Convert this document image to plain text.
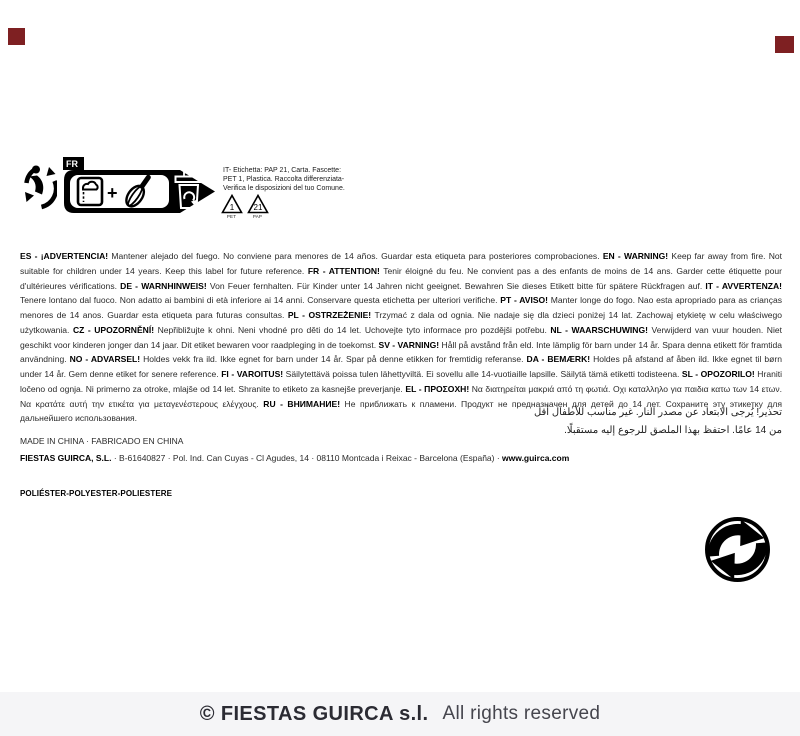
FR
+
IT- Etichetta: PAP 21, Carta. Fascette:
PET 1, Plastica. Raccolta differenziata-
Verifica le disposizioni del tuo Comune.
1
PET
21
PAP
ES - ¡ADVERTENCIA! Mantener alejado del fuego. No conviene para menores de 14 años. Guardar esta etiqueta para posteriores comprobaciones. EN - WARNING! Keep far away from fire. Not suitable for children under 14 years. Keep this label for future reference. FR - ATTENTION! Tenir éloigné du feu. Ne convient pas a des enfants de moins de 14 ans. Garder cette étiquette pour d'ultérieures vérifications. DE - WARNHINWEIS! Von Feuer fernhalten. Für Kinder unter 14 Jahren nicht geeignet. Bewahren Sie dieses Etikett bitte für spätere Rückfragen auf. IT - AVVERTENZA! Tenere lontano dal fuoco. Non adatto ai bambini di età inferiore ai 14 anni. Conservare questa etichetta per ulteriori verifiche. PT - AVISO! Manter longe do fogo. Nao esta apropriado para as crianças menores de 14 anos. Guardar esta etiqueta para futuras consultas. PL - OSTRZEŻENIE! Trzymać z dala od ognia. Nie nadaje się dla dzieci poniżej 14 lat. Zachowaj etykietę w celu właściwego użytkowania. CZ - UPOZORNĚNÍ! Nepřibližujte k ohni. Neni vhodné pro děti do 14 let. Uchovejte tyto informace pro pozdějši potřebu. NL - WAARSCHUWING! Verwijderd van vuur houden. Niet geschikt voor kinderen jonger dan 14 jaar. Dit etiket bewaren voor raadpleging in de toekomst. SV - VARNING! Håll på avstånd från eld. Inte lämplig för barn under 14 år. Spara denna etikett för framtida användning. NO - ADVARSEL! Holdes vekk fra ild. Ikke egnet for barn under 14 år. Spar på denne etikken for fremtidig referanse. DA - BEMÆRK! Holdes på afstand af åben ild. Ikke egnet til børn under 14 år. Gem denne etiket for senere reference. FI - VAROITUS! Säilytettävä poissa tulen lähettyviltä. Ei sovellu alle 14-vuotiaille lapsille. Säilytä tämä etiketti todisteena. SL - OPOZORILO! Hraniti ločeno od ognja. Ni primerno za otroke, mlajše od 14 let. Shranite to etiketo za kasnejše preverjanje. EL - ΠΡΟΣΟΧΗ! Να διατηρείται μακριά από τη φωτιά. Οχι καταλληλο για παιδια κατω των 14 ετων. Να κρατάτε αυτή την ετικέτα για μεταγενέστερους ελέγχους. RU - ВНИМАНИЕ! Не приближать к пламени. Продукт не предназначен для детей до 14 лет. Сохраните эту этикетку для дальнейшего использования.
تحذير! يُرجى الابتعاد عن مصدر النار. غير مناسب للأطفال أقل
من 14 عامًا. احتفظ بهذا الملصق للرجوع إليه مستقبلًا.
MADE IN CHINA · FABRICADO EN CHINA
FIESTAS GUIRCA, S.L. · B-61640827 · Pol. Ind. Can Cuyas - Cl Agudes, 14 · 08110 Montcada i Reixac - Barcelona (España) · www.guirca.com
POLIÉSTER-POLYESTER-POLIESTERE
© FIESTAS GUIRCA s.l. All rights reserved
